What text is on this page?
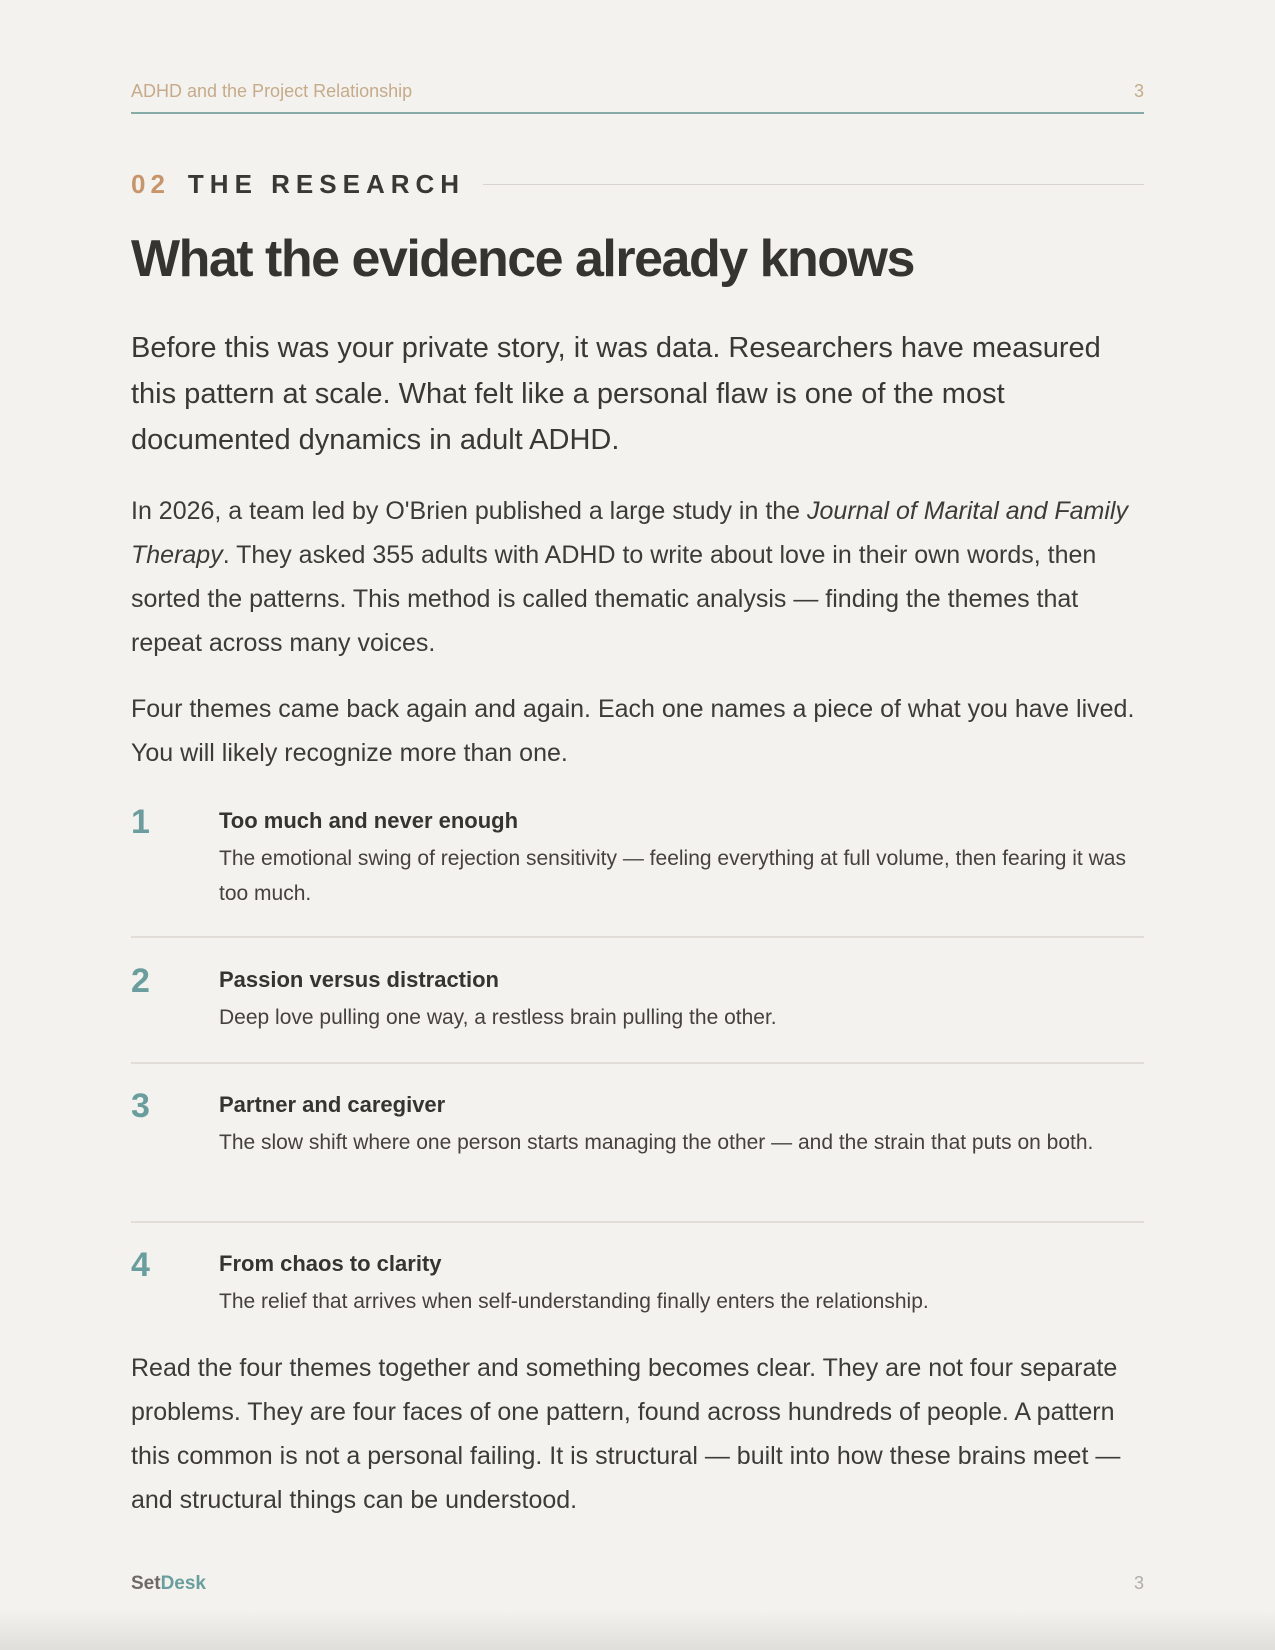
ADHD and the Project Relationship	3
02 THE RESEARCH
What the evidence already knows

Before this was your private story, it was data. Researchers have measured this pattern at scale. What felt like a personal flaw is one of the most documented dynamics in adult ADHD.

In 2026, a team led by O'Brien published a large study in the Journal of Marital and Family Therapy. They asked 355 adults with ADHD to write about love in their own words, then sorted the patterns. This method is called thematic analysis — finding the themes that repeat across many voices.

Four themes came back again and again. Each one names a piece of what you have lived. You will likely recognize more than one.

1	Too much and never enough
The emotional swing of rejection sensitivity — feeling everything at full volume, then fearing it was too much.
2	Passion versus distraction
Deep love pulling one way, a restless brain pulling the other.
3	Partner and caregiver
The slow shift where one person starts managing the other — and the strain that puts on both.
4	From chaos to clarity
The relief that arrives when self-understanding finally enters the relationship.

Read the four themes together and something becomes clear. They are not four separate problems. They are four faces of one pattern, found across hundreds of people. A pattern this common is not a personal failing. It is structural — built into how these brains meet — and structural things can be understood.

SetDesk	3
